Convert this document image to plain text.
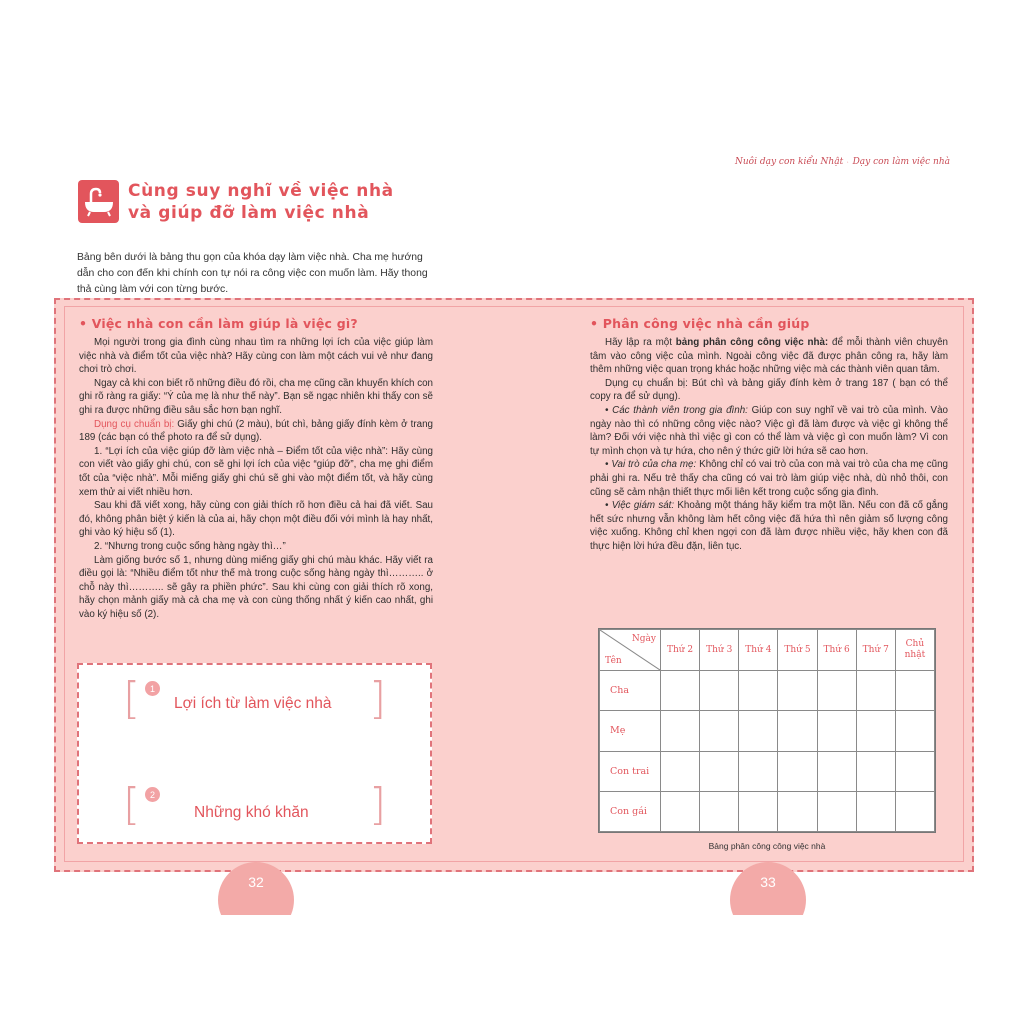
Nuôi dạy con kiểu Nhật Dạy con làm việc nhà
Cùng suy nghĩ về việc nhà
và giúp đỡ làm việc nhà
Bảng bên dưới là bảng thu gọn của khóa dạy làm việc nhà. Cha mẹ hướng dẫn cho con đến khi chính con tự nói ra công việc con muốn làm. Hãy thong thả cùng làm với con từng bước.
• Việc nhà con cần làm giúp là việc gì?

Mọi người trong gia đình cùng nhau tìm ra những lợi ích của việc giúp làm việc nhà và điểm tốt của việc nhà? Hãy cùng con làm một cách vui vẻ như đang chơi trò chơi.

Ngay cả khi con biết rõ những điều đó rồi, cha mẹ cũng cần khuyến khích con ghi rõ ràng ra giấy: “Ý của mẹ là như thế này”. Bạn sẽ ngạc nhiên khi thấy con sẽ ghi ra được những điều sâu sắc hơn bạn nghĩ.

Dụng cụ chuẩn bị: Giấy ghi chú (2 màu), bút chì, bảng giấy đính kèm ở trang 189 (các bạn có thể photo ra để sử dụng).

1. “Lợi ích của việc giúp đỡ làm việc nhà – Điểm tốt của việc nhà”: Hãy cùng con viết vào giấy ghi chú, con sẽ ghi lợi ích của việc “giúp đỡ”, cha mẹ ghi điểm tốt của “việc nhà”. Mỗi miếng giấy ghi chú sẽ ghi vào một điểm tốt, và hãy cùng xem thử ai viết nhiều hơn.

Sau khi đã viết xong, hãy cùng con giải thích rõ hơn điều cả hai đã viết. Sau đó, không phân biệt ý kiến là của ai, hãy chọn một điều đối với mình là hay nhất, ghi vào ký hiệu số (1).

2. “Nhưng trong cuộc sống hàng ngày thì…”

Làm giống bước số 1, nhưng dùng miếng giấy ghi chú màu khác. Hãy viết ra điều gọi là: “Nhiều điểm tốt như thế mà trong cuộc sống hàng ngày thì……….. ở chỗ này thì……….. sẽ gây ra phiền phức”. Sau khi cùng con giải thích rõ xong, hãy chọn mảnh giấy mà cả cha mẹ và con cùng thống nhất ý kiến cao nhất, ghi vào ký hiệu số (2).

[	1
Lợi ích từ làm việc nhà ]
[	2
Những khó khăn ]
• Phân công việc nhà cần giúp

Hãy lập ra một bảng phân công công việc nhà: để mỗi thành viên chuyên tâm vào công việc của mình. Ngoài công việc đã được phân công ra, hãy làm thêm những việc quan trọng khác hoặc những việc mà các thành viên quan tâm.

Dụng cụ chuẩn bị: Bút chì và bảng giấy đính kèm ở trang 187 ( bạn có thể copy ra để sử dụng).

• Các thành viên trong gia đình: Giúp con suy nghĩ về vai trò của mình. Vào ngày nào thì có những công việc nào? Việc gì đã làm được và việc gì không thể làm? Đối với việc nhà thì việc gì con có thể làm và việc gì con muốn làm? Vì con tự mình chọn và tự hứa, cho nên ý thức giữ lời hứa sẽ cao hơn.

• Vai trò của cha mẹ: Không chỉ có vai trò của con mà vai trò của cha mẹ cũng phải ghi ra. Nếu trẻ thấy cha cũng có vai trò làm giúp việc nhà, dù nhỏ thôi, con cũng sẽ cảm nhận thiết thực mối liên kết trong cuộc sống gia đình.

• Việc giám sát: Khoảng một tháng hãy kiểm tra một lần. Nếu con đã cố gắng hết sức nhưng vẫn không làm hết công việc đã hứa thì nên giảm số lượng công việc xuống. Không chỉ khen ngợi con đã làm được nhiều việc, hãy khen con đã thực hiện lời hứa đều đặn, liên tục.

Ngày
Tên	Thứ 2	Thứ 3	Thứ 4	Thứ 5	Thứ 6	Thứ 7	Chủ nhật
Cha							
Mẹ							
Con trai							
Con gái							
Bảng phân công công việc nhà
32	33
